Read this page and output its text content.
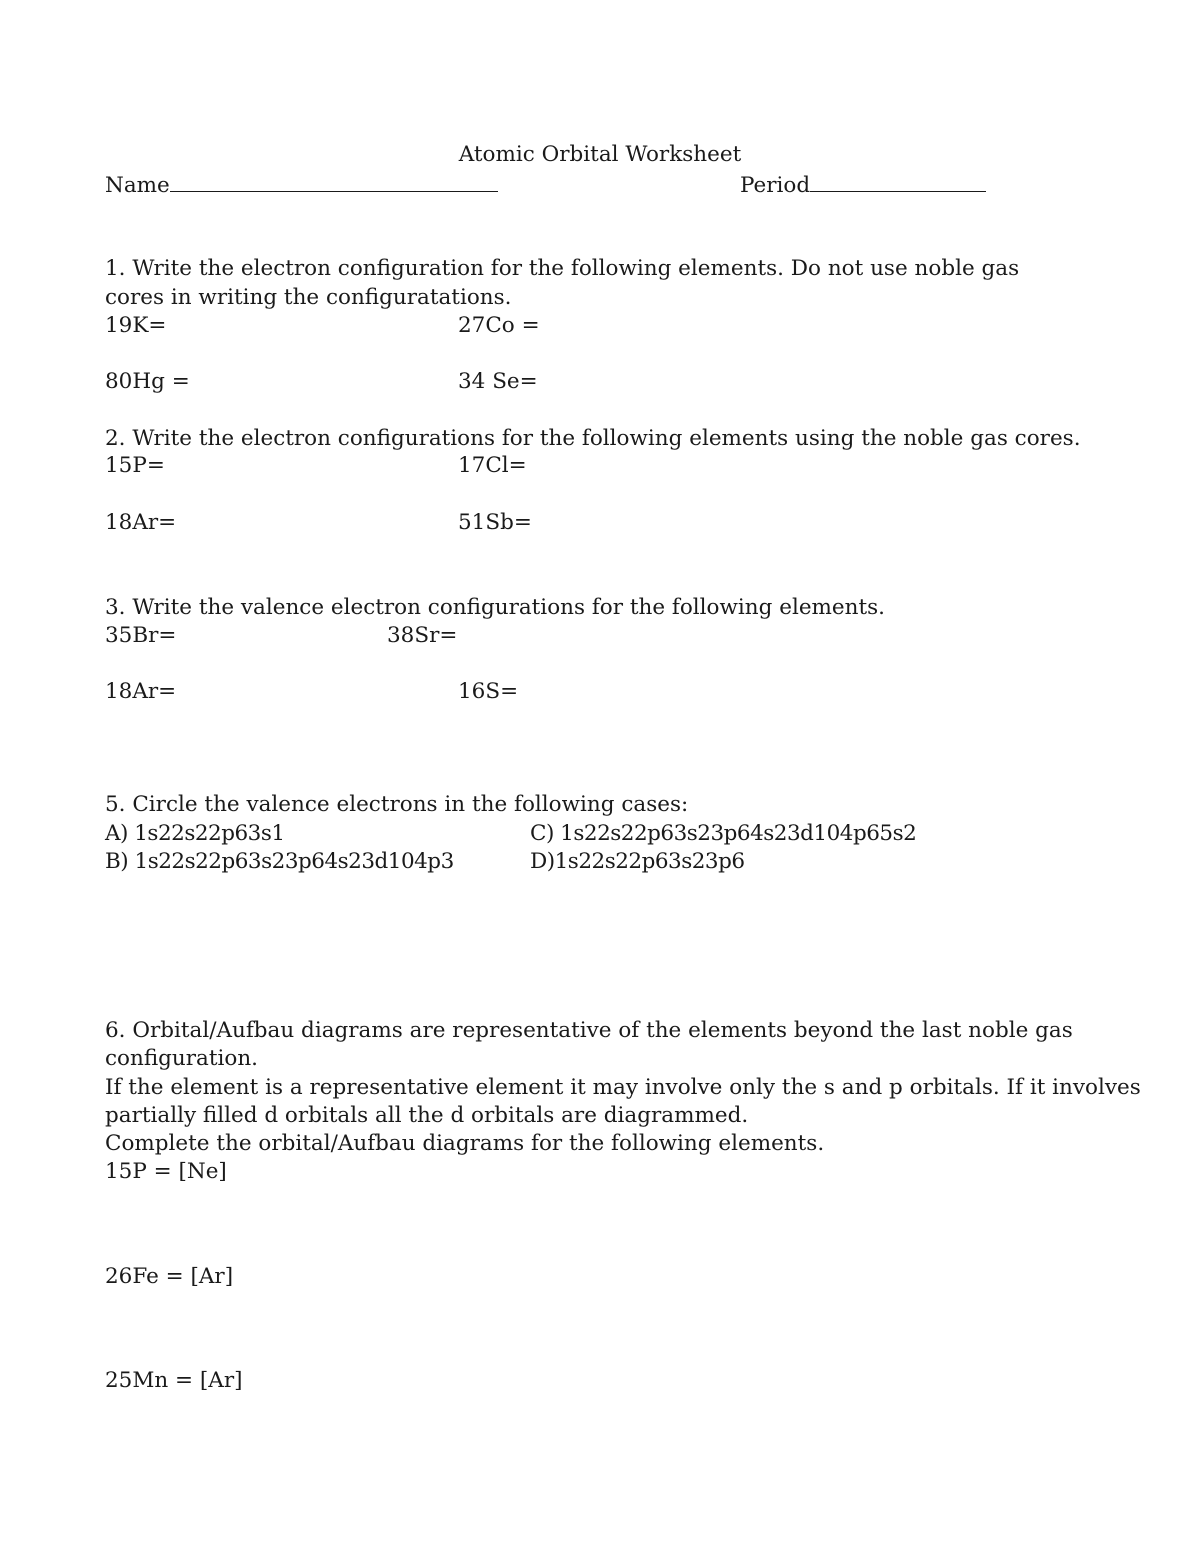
Atomic Orbital Worksheet
Name	Period
1. Write the electron configuration for the following elements. Do not use noble gas
cores in writing the configuratations.
19K=	27Co =
80Hg =	34 Se=
2. Write the electron configurations for the following elements using the noble gas cores.
15P=	17Cl=
18Ar=	51Sb=
3. Write the valence electron configurations for the following elements.
35Br=	38Sr=
18Ar=	16S=
5. Circle the valence electrons in the following cases:
A) 1s22s22p63s1	C) 1s22s22p63s23p64s23d104p65s2
B) 1s22s22p63s23p64s23d104p3	D)1s22s22p63s23p6
6. Orbital/Aufbau diagrams are representative of the elements beyond the last noble gas
configuration.
If the element is a representative element it may involve only the s and p orbitals. If it involves
partially filled d orbitals all the d orbitals are diagrammed.
Complete the orbital/Aufbau diagrams for the following elements.
15P = [Ne]
26Fe = [Ar]
25Mn = [Ar]
